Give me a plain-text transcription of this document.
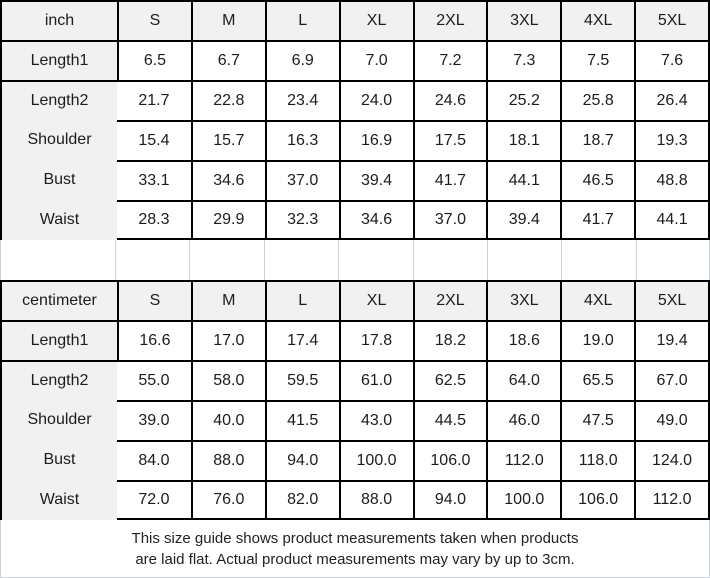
inch	S	M	L	XL	2XL	3XL	4XL	5XL
Length1	6.5	6.7	6.9	7.0	7.2	7.3	7.5	7.6
Length2	21.7	22.8	23.4	24.0	24.6	25.2	25.8	26.4
Shoulder	15.4	15.7	16.3	16.9	17.5	18.1	18.7	19.3
Bust	33.1	34.6	37.0	39.4	41.7	44.1	46.5	48.8
Waist	28.3	29.9	32.3	34.6	37.0	39.4	41.7	44.1
centimeter	S	M	L	XL	2XL	3XL	4XL	5XL
Length1	16.6	17.0	17.4	17.8	18.2	18.6	19.0	19.4
Length2	55.0	58.0	59.5	61.0	62.5	64.0	65.5	67.0
Shoulder	39.0	40.0	41.5	43.0	44.5	46.0	47.5	49.0
Bust	84.0	88.0	94.0	100.0	106.0	112.0	118.0	124.0
Waist	72.0	76.0	82.0	88.0	94.0	100.0	106.0	112.0
This size guide shows product measurements taken when products
are laid flat. Actual product measurements may vary by up to 3cm.
